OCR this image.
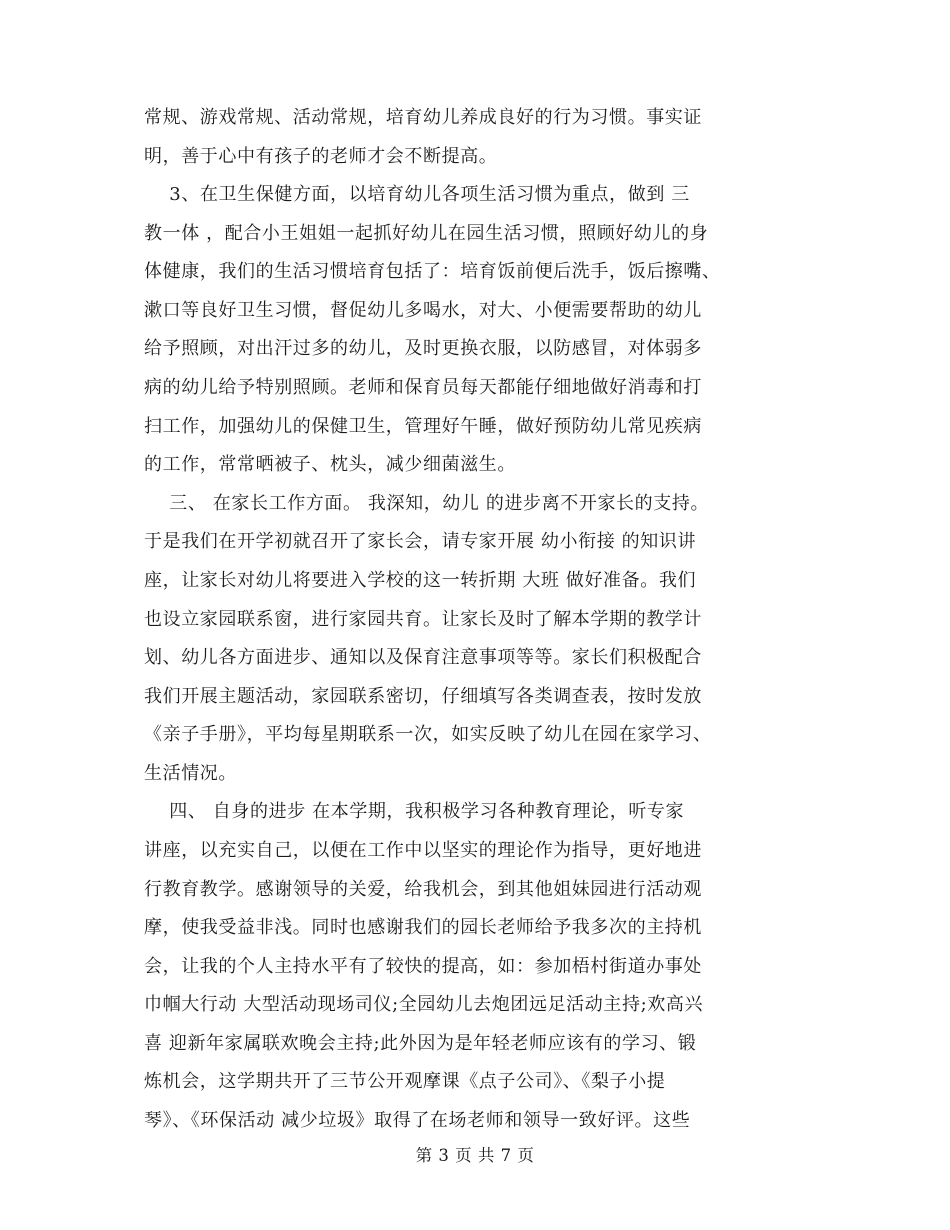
常规、游戏常规、活动常规，培育幼儿养成良好的行为习惯。事实证
明，善于心中有孩子的老师才会不断提高。
3、在卫生保健方面，以培育幼儿各项生活习惯为重点，做到 三
教一体 ，配合小王姐姐一起抓好幼儿在园生活习惯，照顾好幼儿的身
体健康，我们的生活习惯培育包括了：培育饭前便后洗手，饭后擦嘴、
漱口等良好卫生习惯，督促幼儿多喝水，对大、小便需要帮助的幼儿
给予照顾，对出汗过多的幼儿，及时更换衣服，以防感冒，对体弱多
病的幼儿给予特别照顾。老师和保育员每天都能仔细地做好消毒和打
扫工作，加强幼儿的保健卫生，管理好午睡，做好预防幼儿常见疾病
的工作，常常晒被子、枕头，减少细菌滋生。
三、 在家长工作方面。 我深知，幼儿 的进步离不开家长的支持。
于是我们在开学初就召开了家长会，请专家开展 幼小衔接 的知识讲
座，让家长对幼儿将要进入学校的这一转折期 大班 做好准备。我们
也设立家园联系窗，进行家园共育。让家长及时了解本学期的教学计
划、幼儿各方面进步、通知以及保育注意事项等等。家长们积极配合
我们开展主题活动，家园联系密切，仔细填写各类调查表，按时发放
《亲子手册》，平均每星期联系一次，如实反映了幼儿在园在家学习、
生活情况。
四、 自身的进步 在本学期，我积极学习各种教育理论，听专家
讲座，以充实自己，以便在工作中以坚实的理论作为指导，更好地进
行教育教学。感谢领导的关爱，给我机会，到其他姐妹园进行活动观
摩，使我受益非浅。同时也感谢我们的园长老师给予我多次的主持机
会，让我的个人主持水平有了较快的提高，如：参加梧村街道办事处
巾帼大行动 大型活动现场司仪;全园幼儿去炮团远足活动主持;欢高兴
喜 迎新年家属联欢晚会主持;此外因为是年轻老师应该有的学习、锻
炼机会，这学期共开了三节公开观摩课《点子公司》、《梨子小提
琴》、《环保活动 减少垃圾》取得了在场老师和领导一致好评。这些
第 3 页 共 7 页
